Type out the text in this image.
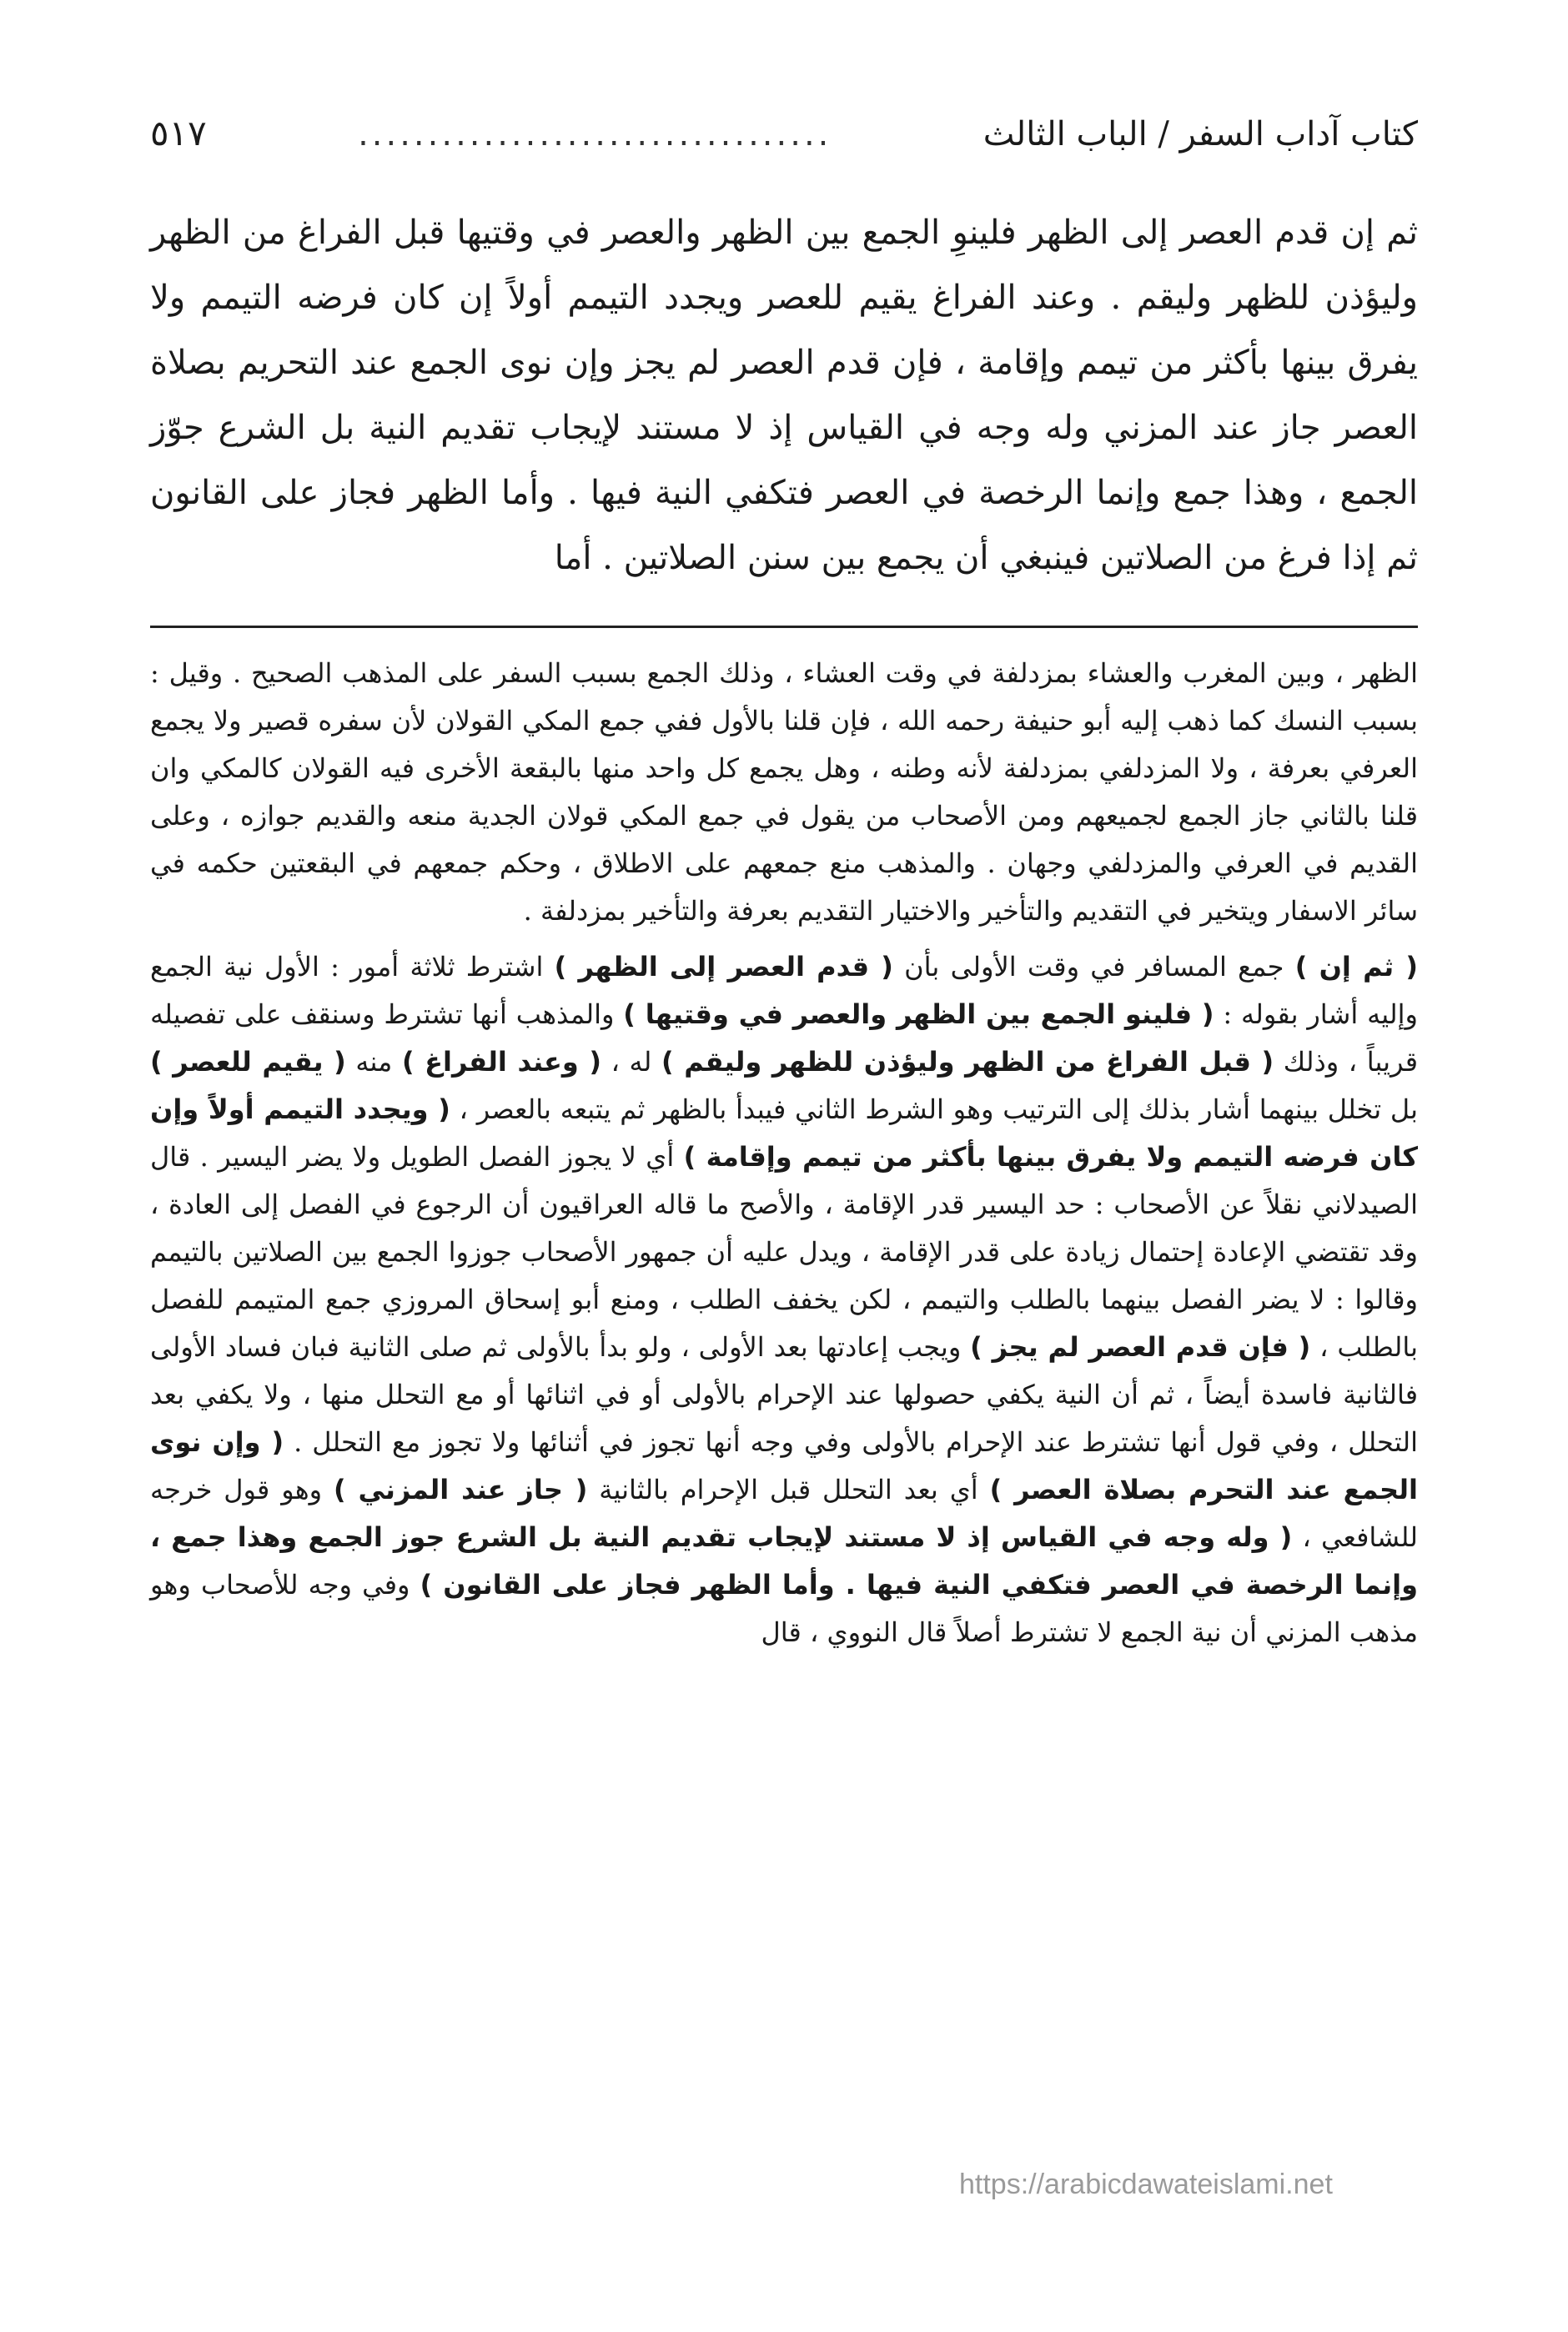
كتاب آداب السفر / الباب الثالث
..................................
٥١٧

ثم إن قدم العصر إلى الظهر فلينوِ الجمع بين الظهر والعصر في وقتيها قبل الفراغ من الظهر وليؤذن للظهر وليقم . وعند الفراغ يقيم للعصر ويجدد التيمم أولاً إن كان فرضه التيمم ولا يفرق بينها بأكثر من تيمم وإقامة ، فإن قدم العصر لم يجز وإن نوى الجمع عند التحريم بصلاة العصر جاز عند المزني وله وجه في القياس إذ لا مستند لإيجاب تقديم النية بل الشرع جوّز الجمع ، وهذا جمع وإنما الرخصة في العصر فتكفي النية فيها . وأما الظهر فجاز على القانون ثم إذا فرغ من الصلاتين فينبغي أن يجمع بين سنن الصلاتين . أما

الظهر ، وبين المغرب والعشاء بمزدلفة في وقت العشاء ، وذلك الجمع بسبب السفر على المذهب الصحيح . وقيل : بسبب النسك كما ذهب إليه أبو حنيفة رحمه الله ، فإن قلنا بالأول ففي جمع المكي القولان لأن سفره قصير ولا يجمع العرفي بعرفة ، ولا المزدلفي بمزدلفة لأنه وطنه ، وهل يجمع كل واحد منها بالبقعة الأخرى فيه القولان كالمكي وان قلنا بالثاني جاز الجمع لجميعهم ومن الأصحاب من يقول في جمع المكي قولان الجدية منعه والقديم جوازه ، وعلى القديم في العرفي والمزدلفي وجهان . والمذهب منع جمعهم على الاطلاق ، وحكم جمعهم في البقعتين حكمه في سائر الاسفار ويتخير في التقديم والتأخير والاختيار التقديم بعرفة والتأخير بمزدلفة .

( ثم إن ) جمع المسافر في وقت الأولى بأن ( قدم العصر إلى الظهر ) اشترط ثلاثة أمور : الأول نية الجمع وإليه أشار بقوله : ( فلينو الجمع بين الظهر والعصر في وقتيها ) والمذهب أنها تشترط وسنقف على تفصيله قريباً ، وذلك ( قبل الفراغ من الظهر وليؤذن للظهر وليقم ) له ، ( وعند الفراغ ) منه ( يقيم للعصر ) بل تخلل بينهما أشار بذلك إلى الترتيب وهو الشرط الثاني فيبدأ بالظهر ثم يتبعه بالعصر ، ( ويجدد التيمم أولاً وإن كان فرضه التيمم ولا يفرق بينها بأكثر من تيمم وإقامة ) أي لا يجوز الفصل الطويل ولا يضر اليسير . قال الصيدلاني نقلاً عن الأصحاب : حد اليسير قدر الإقامة ، والأصح ما قاله العراقيون أن الرجوع في الفصل إلى العادة ، وقد تقتضي الإعادة إحتمال زيادة على قدر الإقامة ، ويدل عليه أن جمهور الأصحاب جوزوا الجمع بين الصلاتين بالتيمم وقالوا : لا يضر الفصل بينهما بالطلب والتيمم ، لكن يخفف الطلب ، ومنع أبو إسحاق المروزي جمع المتيمم للفصل بالطلب ، ( فإن قدم العصر لم يجز ) ويجب إعادتها بعد الأولى ، ولو بدأ بالأولى ثم صلى الثانية فبان فساد الأولى فالثانية فاسدة أيضاً ، ثم أن النية يكفي حصولها عند الإحرام بالأولى أو في اثنائها أو مع التحلل منها ، ولا يكفي بعد التحلل ، وفي قول أنها تشترط عند الإحرام بالأولى وفي وجه أنها تجوز في أثنائها ولا تجوز مع التحلل . ( وإن نوى الجمع عند التحرم بصلاة العصر ) أي بعد التحلل قبل الإحرام بالثانية ( جاز عند المزني ) وهو قول خرجه للشافعي ، ( وله وجه في القياس إذ لا مستند لإيجاب تقديم النية بل الشرع جوز الجمع وهذا جمع ، وإنما الرخصة في العصر فتكفي النية فيها . وأما الظهر فجاز على القانون ) وفي وجه للأصحاب وهو مذهب المزني أن نية الجمع لا تشترط أصلاً قال النووي ، قال

https://arabicdawateislami.net
